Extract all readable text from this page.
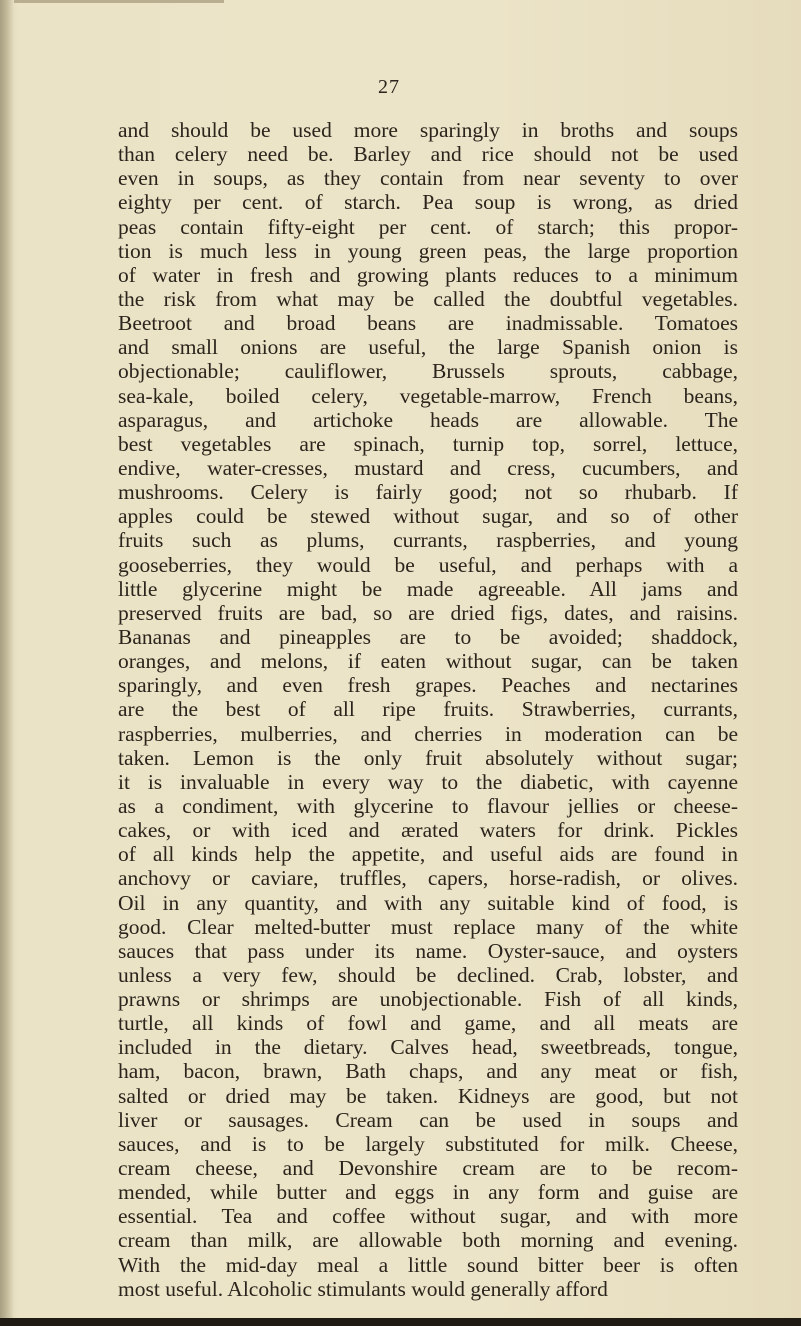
27
and should be used more sparingly in broths and soups
than celery need be. Barley and rice should not be used
even in soups, as they contain from near seventy to over
eighty per cent. of starch. Pea soup is wrong, as dried
peas contain fifty-eight per cent. of starch; this propor-
tion is much less in young green peas, the large proportion
of water in fresh and growing plants reduces to a minimum
the risk from what may be called the doubtful vegetables.
Beetroot and broad beans are inadmissable. Tomatoes
and small onions are useful, the large Spanish onion is
objectionable; cauliflower, Brussels sprouts, cabbage,
sea-kale, boiled celery, vegetable-marrow, French beans,
asparagus, and artichoke heads are allowable. The
best vegetables are spinach, turnip top, sorrel, lettuce,
endive, water-cresses, mustard and cress, cucumbers, and
mushrooms. Celery is fairly good; not so rhubarb. If
apples could be stewed without sugar, and so of other
fruits such as plums, currants, raspberries, and young
gooseberries, they would be useful, and perhaps with a
little glycerine might be made agreeable. All jams and
preserved fruits are bad, so are dried figs, dates, and raisins.
Bananas and pineapples are to be avoided; shaddock,
oranges, and melons, if eaten without sugar, can be taken
sparingly, and even fresh grapes. Peaches and nectarines
are the best of all ripe fruits. Strawberries, currants,
raspberries, mulberries, and cherries in moderation can be
taken. Lemon is the only fruit absolutely without sugar;
it is invaluable in every way to the diabetic, with cayenne
as a condiment, with glycerine to flavour jellies or cheese-
cakes, or with iced and ærated waters for drink. Pickles
of all kinds help the appetite, and useful aids are found in
anchovy or caviare, truffles, capers, horse-radish, or olives.
Oil in any quantity, and with any suitable kind of food, is
good. Clear melted-butter must replace many of the white
sauces that pass under its name. Oyster-sauce, and oysters
unless a very few, should be declined. Crab, lobster, and
prawns or shrimps are unobjectionable. Fish of all kinds,
turtle, all kinds of fowl and game, and all meats are
included in the dietary. Calves head, sweetbreads, tongue,
ham, bacon, brawn, Bath chaps, and any meat or fish,
salted or dried may be taken. Kidneys are good, but not
liver or sausages. Cream can be used in soups and
sauces, and is to be largely substituted for milk. Cheese,
cream cheese, and Devonshire cream are to be recom-
mended, while butter and eggs in any form and guise are
essential. Tea and coffee without sugar, and with more
cream than milk, are allowable both morning and evening.
With the mid-day meal a little sound bitter beer is often
most useful. Alcoholic stimulants would generally afford
